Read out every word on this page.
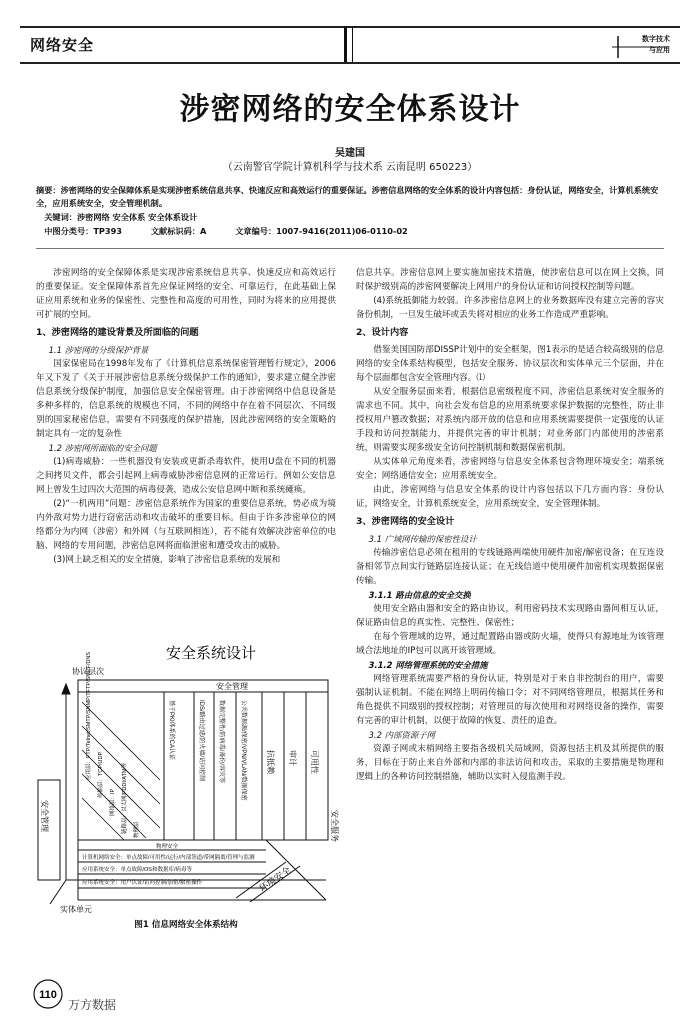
网络安全	数字技术
与应用
涉密网络的安全体系设计
吴建国
（云南警官学院计算机科学与技术系 云南昆明 650223）
摘要：涉密网络的安全保障体系是实现涉密系统信息共享、快速反应和高效运行的重要保证。涉密信息网络的安全体系的设计内容包括：身份认证，网络安全，计算机系统安全，应用系统安全，安全管理机制。
关键词：涉密网络 安全体系 安全体系设计
中图分类号：TP393	文献标识码：A	文章编号：1007-9416(2011)06-0110-02

涉密网络的安全保障体系是实现涉密系统信息共享、快速反应和高效运行的重要保证。安全保障体系首先应保证网络的安全、可靠运行，在此基础上保证应用系统和业务的保密性、完整性和高度的可用性，同时为将来的应用提供可扩展的空间。

1、涉密网络的建设背景及所面临的问题

1.1 涉密网的分级保护背景

国家保密局在1998年发布了《计算机信息系统保密管理暂行规定》，2006年又下发了《关于开展涉密信息系统分级保护工作的通知》，要求建立健全涉密信息系统分级保护制度，加强信息安全保密管理。由于涉密网络中信息设备是多种多样的，信息系统的规模也不同，不同的网络中存在着不同层次、不同级别的国家秘密信息，需要有不同强度的保护措施，因此涉密网络的安全策略的制定具有一定的复杂性

1.2 涉密网所面临的安全问题

(1)病毒威胁：一些机器没有安装或更新杀毒软件，使用U盘在不同的机器之间拷贝文件，都会引起网上病毒威胁涉密信息网的正常运行。例如公安信息网上曾发生过四次大范围的病毒侵袭，造成公安信息网中断和系统瘫痪。

(2)“一机两用”问题：涉密信息系统作为国家的重要信息系统，势必成为境内外敌对势力进行窃密活动和攻击破坏的重要目标。但由于许多涉密单位的网络都分为内网（涉密）和外网（与互联网相连），若不能有效解决涉密单位的电脑、网络的专用问题，涉密信息网将面临泄密和遭受攻击的威胁。

(3)网上缺乏相关的安全措施，影响了涉密信息系统的发展和

信息共享。涉密信息网上要实施加密技术措施，使涉密信息可以在网上交换，同时保护级别高的涉密网要解决上网用户的身份认证和访问授权控制等问题。

(4)系统抵御能力较弱。许多涉密信息网上的业务数据库没有建立完善的容灾备份机制，一旦发生破坏或丢失将对相应的业务工作造成严重影响。

2、设计内容

借鉴美国国防部DISSP计划中的安全框架，图1表示的是适合较高级别的信息网络的安全体系结构模型，包括安全服务、协议层次和实体单元三个层面，并在每个层面都包含安全管理内容。⑴

从安全服务层面来看，根据信息密级程度不同，涉密信息系统对安全服务的需求也不同。其中，向社会发布信息的应用系统要求保护数据的完整性，防止非授权用户篡改数据；对系统内部开放的信息和应用系统需要提供一定强度的认证手段和访问控制能力，并提供完善的审计机制；对业务部门内部使用的涉密系统，则需要实现多级安全访问控制机制和数据保密机制。

从实体单元角度来看，涉密网络与信息安全体系包含物理环境安全；端系统安全；网络通信安全；应用系统安全。

由此，涉密网络与信息安全体系的设计内容包括以下几方面内容：身份认证，网络安全，计算机系统安全，应用系统安全，安全管理体制。

3、涉密网络的安全设计

3.1 广域网传输的保密性设计

传输涉密信息必须在租用的专线链路两端使用硬件加密/解密设备；在互连设备相邻节点间实行链路层连接认证；在无线信道中使用硬件加密机实现数据保密传输。

3.1.1 路由信息的安全交换

使用安全路由器和安全的路由协议，利用密码技术实现路由器间相互认证，保证路由信息的真实性、完整性、保密性；

在每个管理域的边界，通过配置路由器或防火墙，使得只有源地址为该管理域合法地址的IP包可以离开该管理域。

3.1.2 网络管理系统的安全措施

网络管理系统需要严格的身份认证，特别是对于来自非控制台的用户，需要强制认证机制。不能在网络上明码传输口令；对不同网络管理员，根据其任务和角色提供不同级别的授权控制；对管理员的每次使用和对网络设备的操作，需要有完善的审计机制，以便于故障的恢复、责任的追查。

3.2 内部资源子网

资源子网或末梢网络主要指各级机关局域网，资源包括主机及其所提供的服务，目标在于防止来自外部和内部的非法访问和攻击，采取的主要措施是物理和逻辑上的各种访问控制措施，辅助以实时入侵监测手段。

安全系统设计
协议层次
安全管理
应用层：FTP/Telnet/SMTP/SNMP/TFTP/SMPF/DNS	传输层：TCP/UDP
网络层：IP	链路层：以太网/FDDI/ATM等	物理层
基于PKI体系的CA认证	IDS/路由过滤/防火墙/访问控制	数据完整性/防病毒/备份/容灾等	公共数据源/保密/VPN/VLAN/数据保密	抗抵赖 审计 可用性
安全管理	安全服务
物理安全
计算机网络安全：单点故障/可用性/运行/内部签道/带网隔离/管理与监测
应用系统安全：单点故障/OS和数据库/病毒等
应用系统安全：用户认证/访问控制/加密/解密操作	环境安全
实体单元
图1 信息网络安全体系结构
110
万方数据
